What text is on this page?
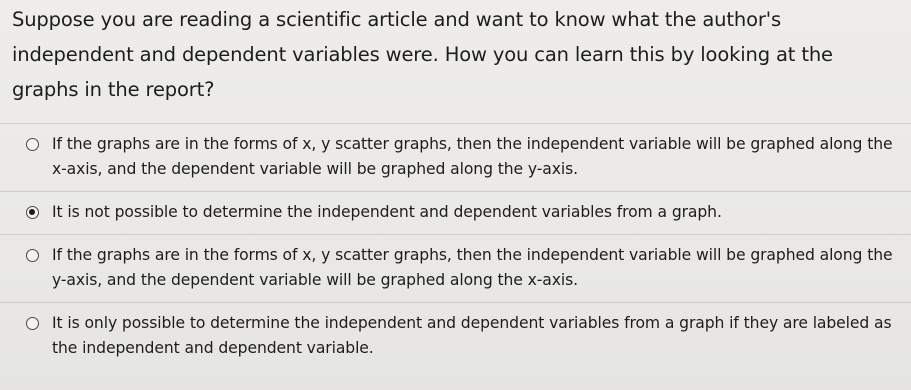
Suppose you are reading a scientific article and want to know what the author's independent and dependent variables were. How you can learn this by looking at the graphs in the report?

If the graphs are in the forms of x, y scatter graphs, then the independent variable will be graphed along the x-axis, and the dependent variable will be graphed along the y-axis.
It is not possible to determine the independent and dependent variables from a graph.
If the graphs are in the forms of x, y scatter graphs, then the independent variable will be graphed along the y-axis, and the dependent variable will be graphed along the x-axis.
It is only possible to determine the independent and dependent variables from a graph if they are labeled as the independent and dependent variable.
